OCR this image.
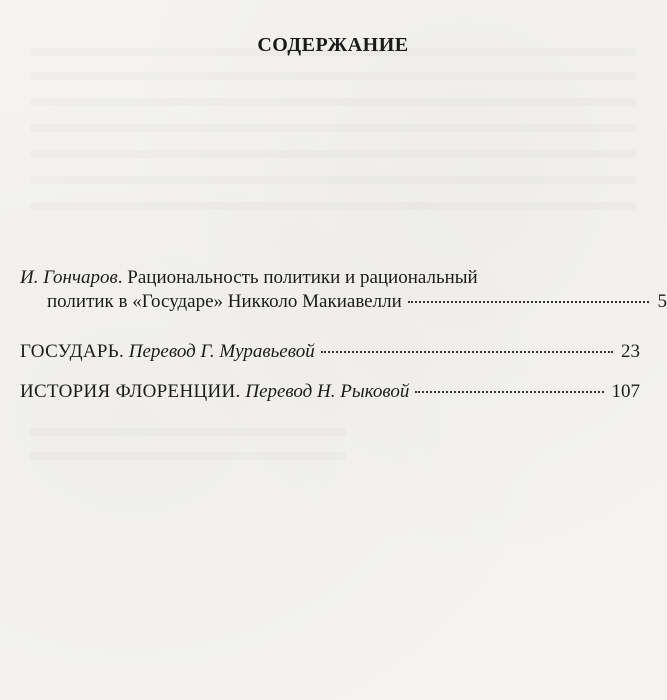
СОДЕРЖАНИЕ
И. Гончаров. Рациональность политики и рациональный
политик в «Государе» Никколо Макиавелли	5
ГОСУДАРЬ. Перевод Г. Муравьевой	23
ИСТОРИЯ ФЛОРЕНЦИИ. Перевод Н. Рыковой	107
